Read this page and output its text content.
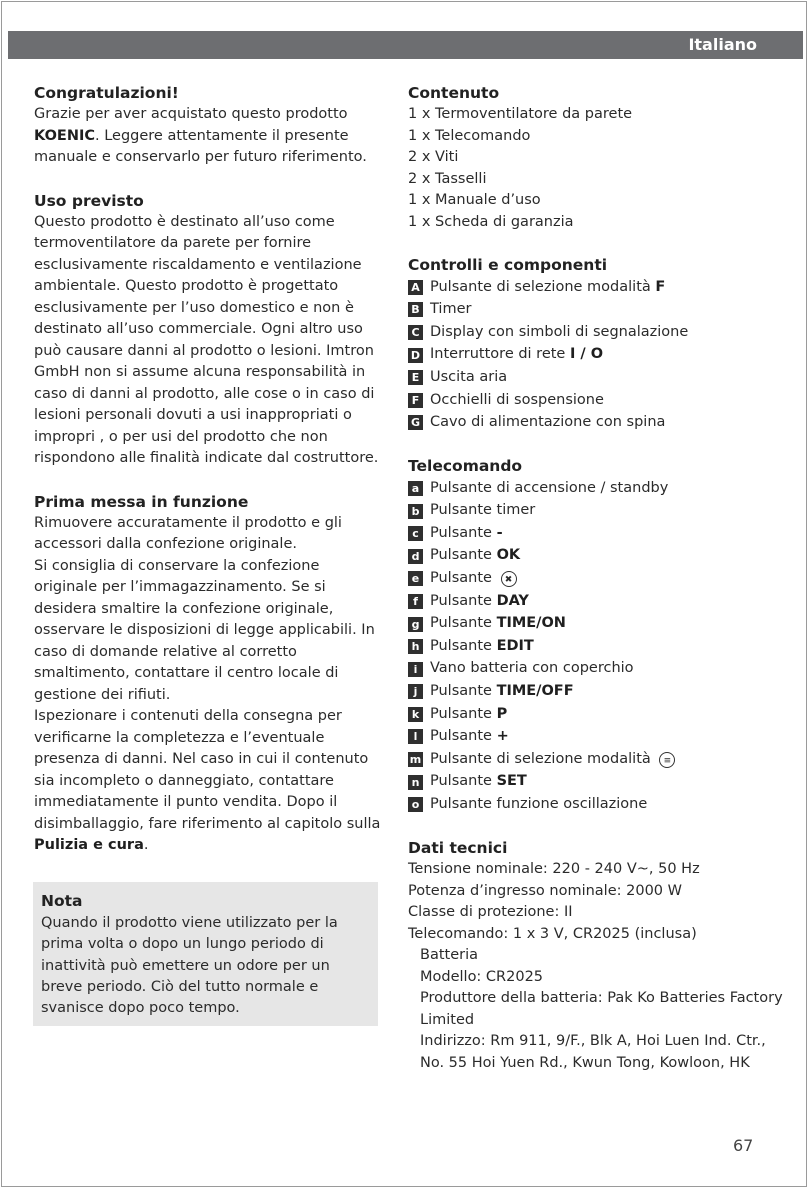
Italiano
Congratulazioni!

Grazie per aver acquistato questo prodotto KOENIC. Leggere attentamente il presente manuale e conservarlo per futuro riferimento.

Uso previsto

Questo prodotto è destinato all’uso come termoventilatore da parete per fornire esclusivamente riscaldamento e ventilazione ambientale. Questo prodotto è progettato esclusivamente per l’uso domestico e non è destinato all’uso commerciale. Ogni altro uso può causare danni al prodotto o lesioni. Imtron GmbH non si assume alcuna responsabilità in caso di danni al prodotto, alle cose o in caso di lesioni personali dovuti a usi inappropriati o impropri , o per usi del prodotto che non rispondono alle finalità indicate dal costruttore.

Prima messa in funzione

Rimuovere accuratamente il prodotto e gli accessori dalla confezione originale.

Si consiglia di conservare la confezione originale per l’immagazzinamento. Se si desidera smaltire la confezione originale, osservare le disposizioni di legge applicabili. In caso di domande relative al corretto smaltimento, contattare il centro locale di gestione dei rifiuti.

Ispezionare i contenuti della consegna per verificarne la completezza e l’eventuale presenza di danni. Nel caso in cui il contenuto sia incompleto o danneggiato, contattare immediatamente il punto vendita. Dopo il disimballaggio, fare riferimento al capitolo sulla Pulizia e cura.

Nota

Quando il prodotto viene utilizzato per la prima volta o dopo un lungo periodo di inattività può emettere un odore per un breve periodo. Ciò del tutto normale e svanisce dopo poco tempo.

Contenuto
1 x Termoventilatore da parete
1 x Telecomando
2 x Viti
2 x Tasselli
1 x Manuale d’uso
1 x Scheda di garanzia
Controlli e componenti
A Pulsante di selezione modalità F
B Timer
C Display con simboli di segnalazione
D Interruttore di rete I / O
E Uscita aria
F Occhielli di sospensione
G Cavo di alimentazione con spina
Telecomando
a Pulsante di accensione / standby
b Pulsante timer
c Pulsante -
d Pulsante OK
e Pulsante ✖
f Pulsante DAY
g Pulsante TIME/ON
h Pulsante EDIT
i Vano batteria con coperchio
j Pulsante TIME/OFF
k Pulsante P
l Pulsante +
m Pulsante di selezione modalità ≡
n Pulsante SET
o Pulsante funzione oscillazione
Dati tecnici
Tensione nominale: 220 - 240 V~, 50 Hz
Potenza d’ingresso nominale: 2000 W
Classe di protezione: II
Telecomando: 1 x 3 V, CR2025 (inclusa)
Batteria
Modello: CR2025
Produttore della batteria: Pak Ko Batteries Factory Limited
Indirizzo: Rm 911, 9/F., Blk A, Hoi Luen Ind. Ctr., No. 55 Hoi Yuen Rd., Kwun Tong, Kowloon, HK
67
